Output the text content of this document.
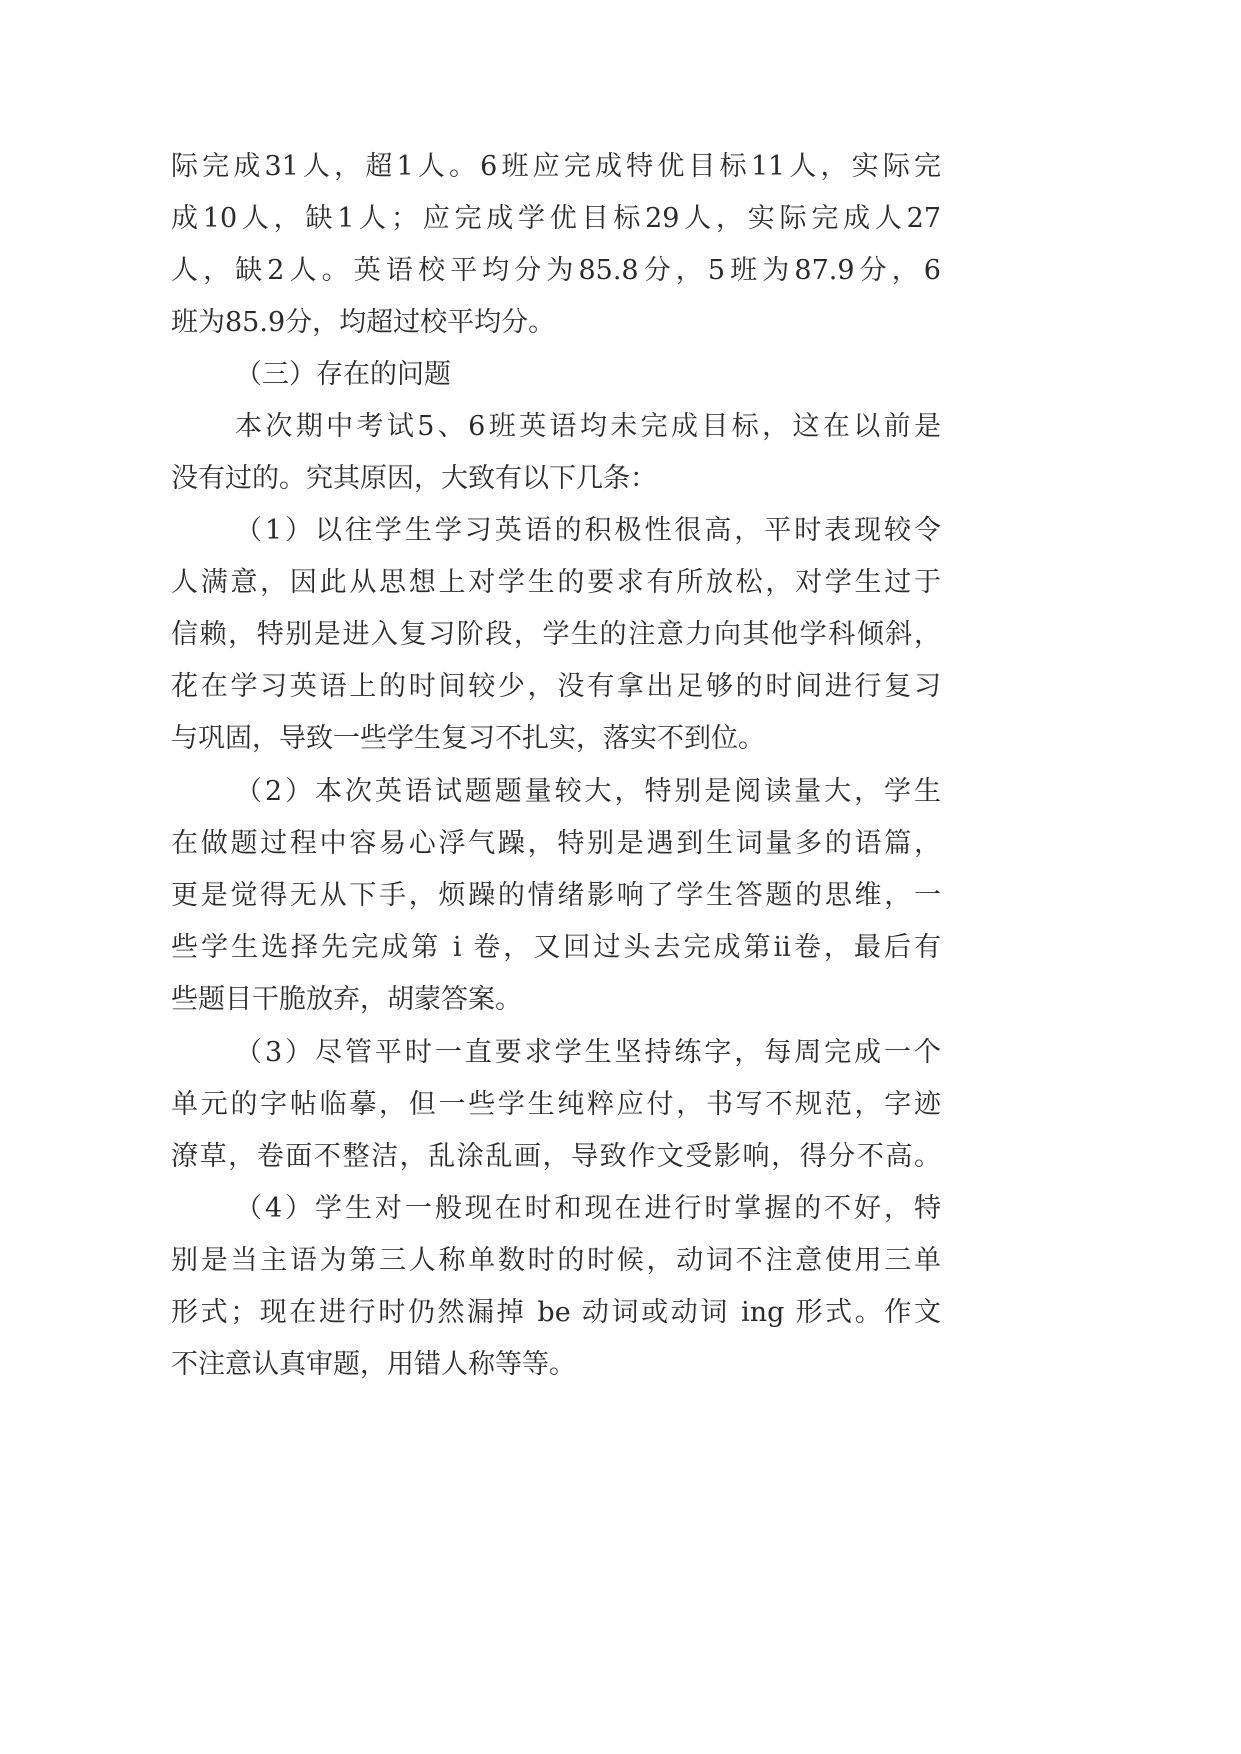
际完成31人，超1人。6班应完成特优目标11人，实际完
成10人，缺1人；应完成学优目标29人，实际完成人27
人，缺2人。英语校平均分为85.8分，5班为87.9分，6
班为85.9分，均超过校平均分。
（三）存在的问题
本次期中考试5、6班英语均未完成目标，这在以前是
没有过的。究其原因，大致有以下几条：
（1）以往学生学习英语的积极性很高，平时表现较令
人满意，因此从思想上对学生的要求有所放松，对学生过于
信赖，特别是进入复习阶段，学生的注意力向其他学科倾斜，
花在学习英语上的时间较少，没有拿出足够的时间进行复习
与巩固，导致一些学生复习不扎实，落实不到位。
（2）本次英语试题题量较大，特别是阅读量大，学生
在做题过程中容易心浮气躁，特别是遇到生词量多的语篇，
更是觉得无从下手，烦躁的情绪影响了学生答题的思维，一
些学生选择先完成第 i 卷，又回过头去完成第ii卷，最后有
些题目干脆放弃，胡蒙答案。
（3）尽管平时一直要求学生坚持练字，每周完成一个
单元的字帖临摹，但一些学生纯粹应付，书写不规范，字迹
潦草，卷面不整洁，乱涂乱画，导致作文受影响，得分不高。
（4）学生对一般现在时和现在进行时掌握的不好，特
别是当主语为第三人称单数时的时候，动词不注意使用三单
形式；现在进行时仍然漏掉 be 动词或动词 ing 形式。作文
不注意认真审题，用错人称等等。
